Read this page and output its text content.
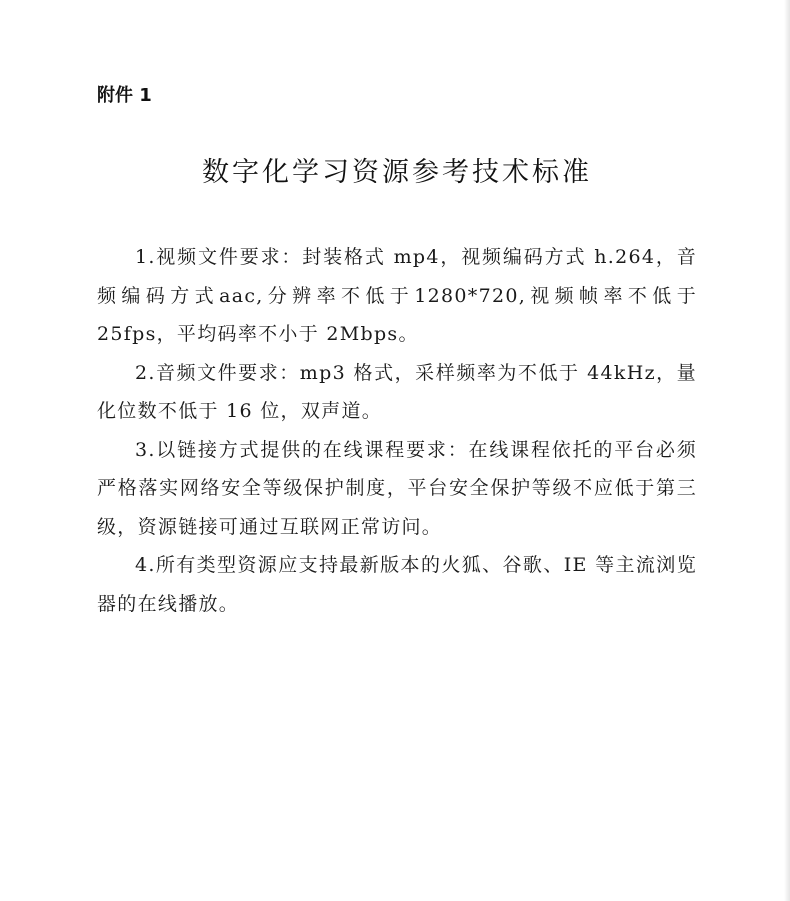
附件 1
数字化学习资源参考技术标准

1.视频文件要求：封装格式 mp4，视频编码方式 h.264，音频编码方式aac,分辨率不低于1280*720,视频帧率不低于25fps，平均码率不小于 2Mbps。

2.音频文件要求：mp3 格式，采样频率为不低于 44kHz，量化位数不低于 16 位，双声道。

3.以链接方式提供的在线课程要求：在线课程依托的平台必须严格落实网络安全等级保护制度，平台安全保护等级不应低于第三级，资源链接可通过互联网正常访问。

4.所有类型资源应支持最新版本的火狐、谷歌、IE 等主流浏览器的在线播放。
